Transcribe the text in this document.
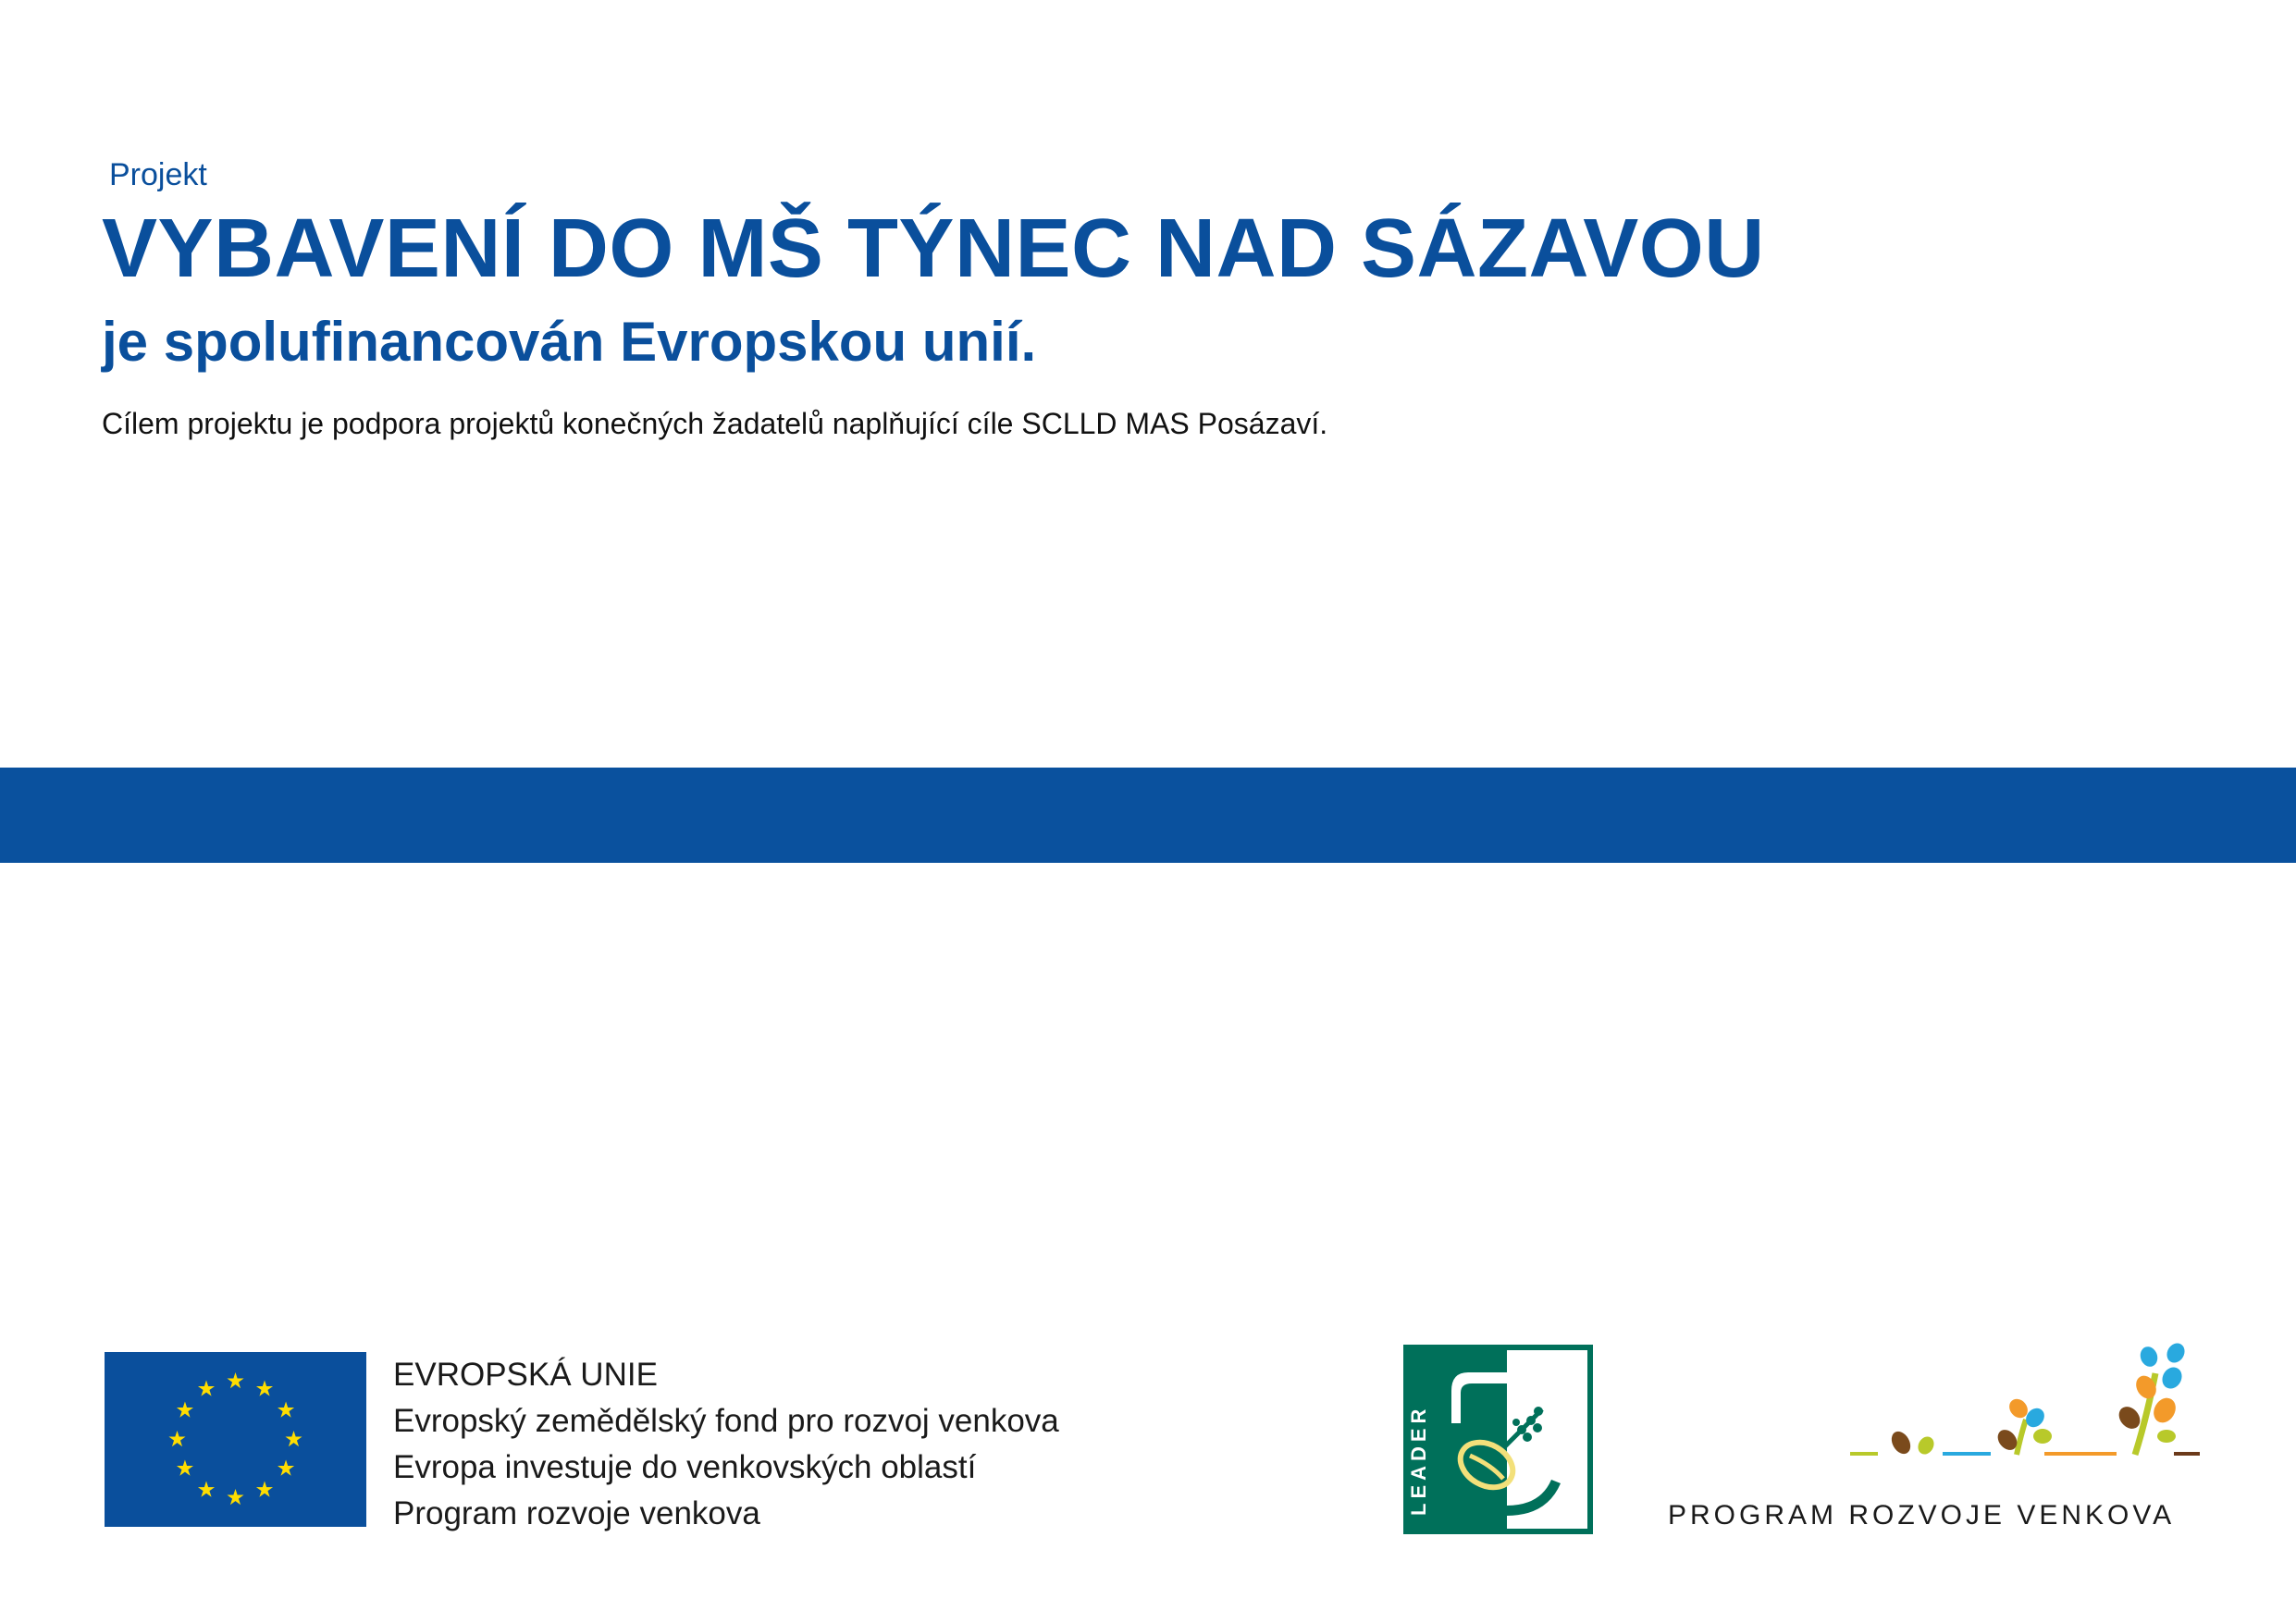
Projekt
VYBAVENÍ DO MŠ TÝNEC NAD SÁZAVOU
je spolufinancován Evropskou unií.
Cílem projektu je podpora projektů konečných žadatelů naplňující cíle SCLLD MAS Posázaví.
EVROPSKÁ UNIE
Evropský zemědělský fond pro rozvoj venkova
Evropa investuje do venkovských oblastí
Program rozvoje venkova	LEADER	PROGRAM ROZVOJE VENKOVA
